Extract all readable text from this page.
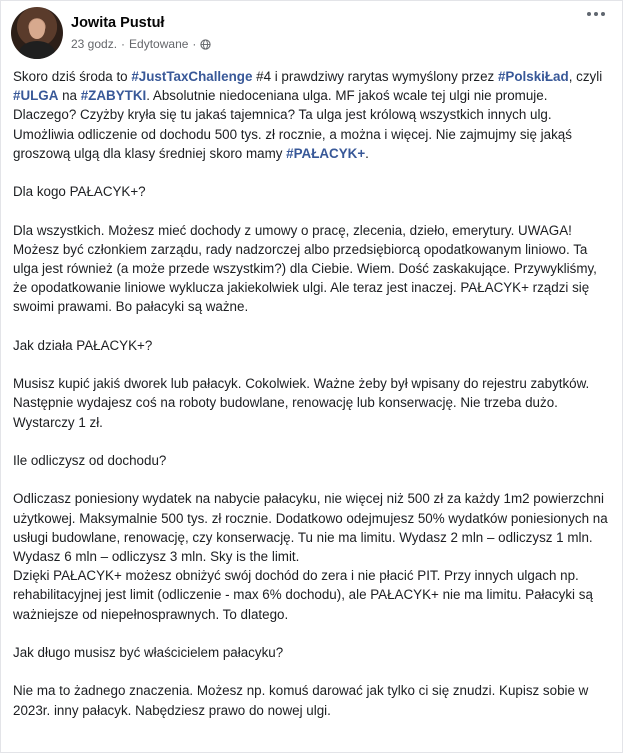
Jowita Pustuł
23 godz. · Edytowane ·

Skoro dziś środa to #JustTaxChallenge #4 i prawdziwy rarytas wymyślony przez #PolskiŁad, czyli #ULGA na #ZABYTKI. Absolutnie niedoceniana ulga. MF jakoś wcale tej ulgi nie promuje. Dlaczego? Czyżby kryła się tu jakaś tajemnica? Ta ulga jest królową wszystkich innych ulg. Umożliwia odliczenie od dochodu 500 tys. zł rocznie, a można i więcej. Nie zajmujmy się jakąś groszową ulgą dla klasy średniej skoro mamy #PAŁACYK+.

Dla kogo PAŁACYK+?

Dla wszystkich. Możesz mieć dochody z umowy o pracę, zlecenia, dzieło, emerytury. UWAGA! Możesz być członkiem zarządu, rady nadzorczej albo przedsiębiorcą opodatkowanym liniowo. Ta ulga jest również (a może przede wszystkim?) dla Ciebie. Wiem. Dość zaskakujące. Przywykliśmy, że opodatkowanie liniowe wyklucza jakiekolwiek ulgi. Ale teraz jest inaczej. PAŁACYK+ rządzi się swoimi prawami. Bo pałacyki są ważne.

Jak działa PAŁACYK+?

Musisz kupić jakiś dworek lub pałacyk. Cokolwiek. Ważne żeby był wpisany do rejestru zabytków. Następnie wydajesz coś na roboty budowlane, renowację lub konserwację. Nie trzeba dużo. Wystarczy 1 zł.

Ile odliczysz od dochodu?

Odliczasz poniesiony wydatek na nabycie pałacyku, nie więcej niż 500 zł za każdy 1m2 powierzchni użytkowej. Maksymalnie 500 tys. zł rocznie. Dodatkowo odejmujesz 50% wydatków poniesionych na usługi budowlane, renowację, czy konserwację. Tu nie ma limitu. Wydasz 2 mln – odliczysz 1 mln. Wydasz 6 mln – odliczysz 3 mln. Sky is the limit.

Dzięki PAŁACYK+ możesz obniżyć swój dochód do zera i nie płacić PIT. Przy innych ulgach np. rehabilitacyjnej jest limit (odliczenie - max 6% dochodu), ale PAŁACYK+ nie ma limitu. Pałacyki są ważniejsze od niepełnosprawnych. To dlatego.

Jak długo musisz być właścicielem pałacyku?

Nie ma to żadnego znaczenia. Możesz np. komuś darować jak tylko ci się znudzi. Kupisz sobie w 2023r. inny pałacyk. Nabędziesz prawo do nowej ulgi.
